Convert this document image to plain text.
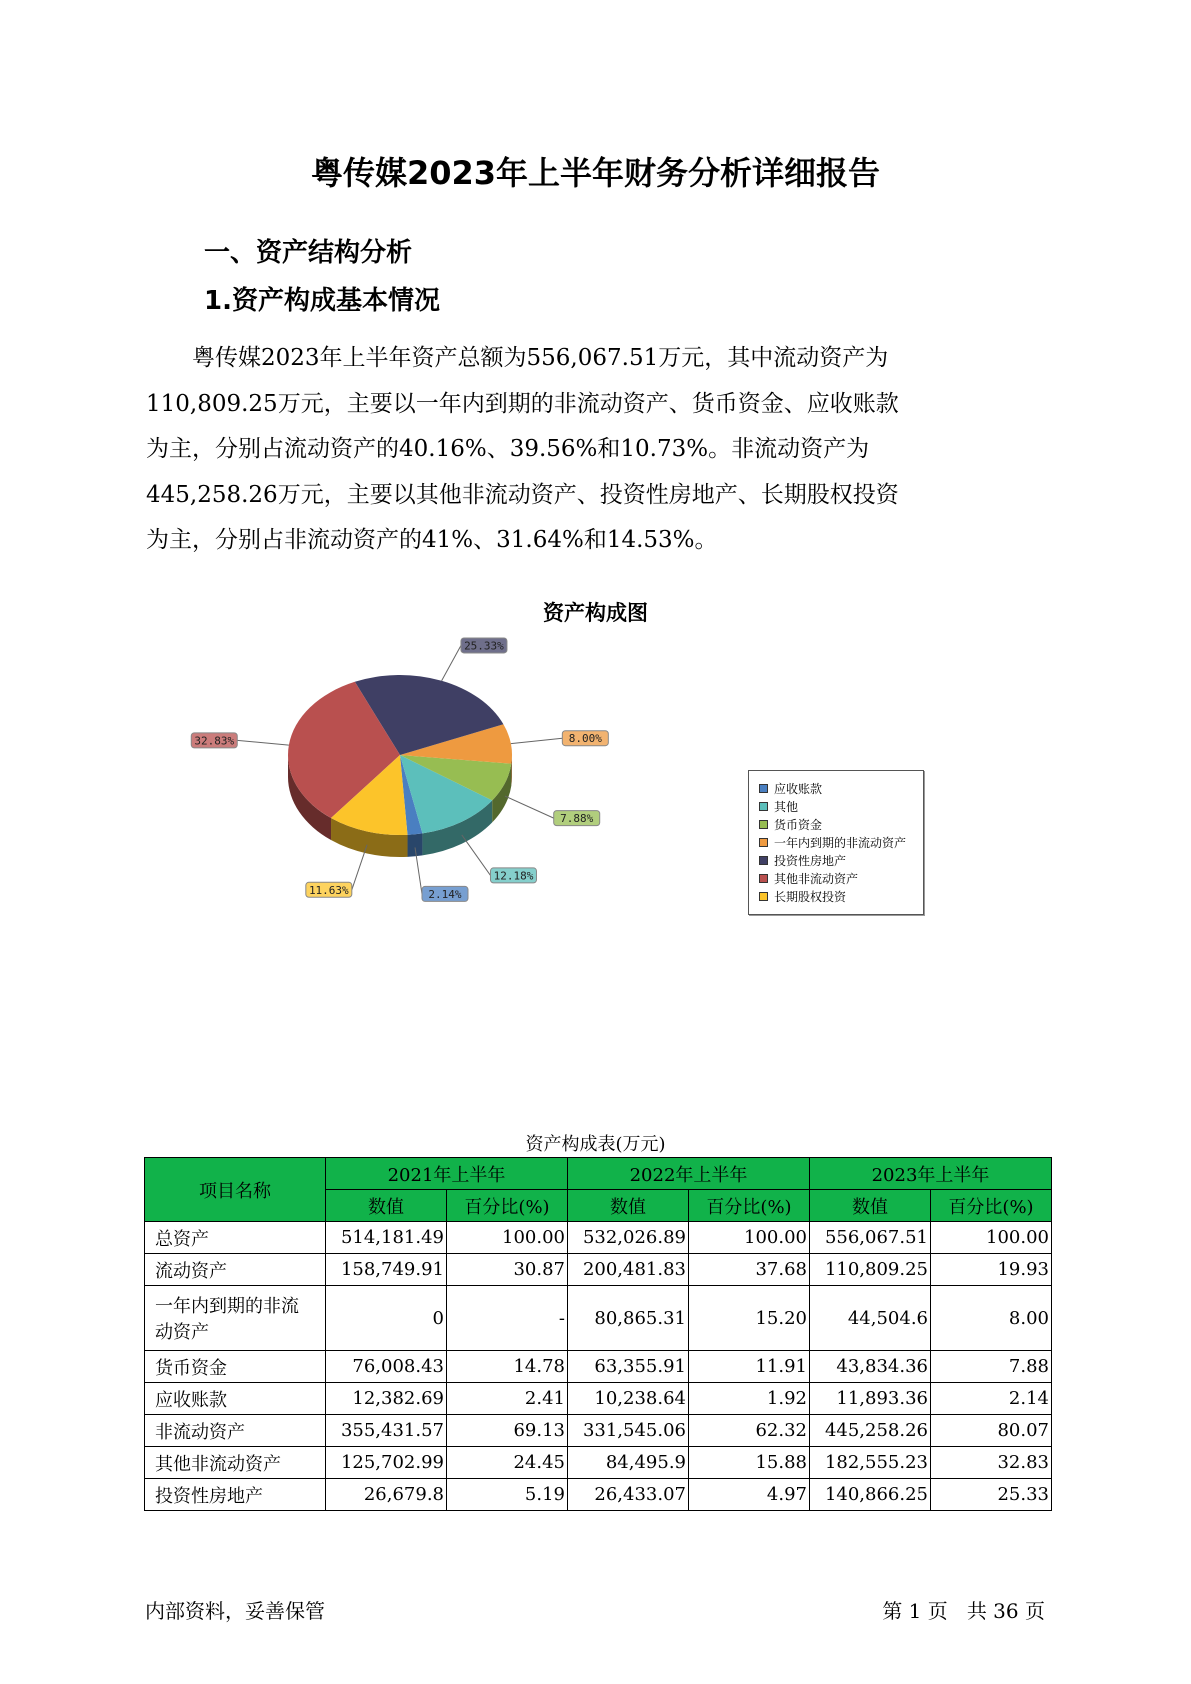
粤传媒2023年上半年财务分析详细报告
一、资产结构分析
1.资产构成基本情况
粤传媒2023年上半年资产总额为556,067.51万元，其中流动资产为
110,809.25万元，主要以一年内到期的非流动资产、货币资金、应收账款
为主，分别占流动资产的40.16%、39.56%和10.73%。非流动资产为
445,258.26万元，主要以其他非流动资产、投资性房地产、长期股权投资
为主，分别占非流动资产的41%、31.64%和14.53%。
资产构成图
2.14%
12.18%
7.88%
8.00%
25.33%
32.83%
11.63%
应收账款
其他
货币资金
一年内到期的非流动资产
投资性房地产
其他非流动资产
长期股权投资
资产构成表(万元)
项目名称	2021年上半年		2022年上半年		2023年上半年	
	数值	百分比(%)	数值	百分比(%)	数值	百分比(%)
总资产	514,181.49	100.00	532,026.89	100.00	556,067.51	100.00
流动资产	158,749.91	30.87	200,481.83	37.68	110,809.25	19.93

一年内到期的非流
动资产	0	-	80,865.31	15.20	44,504.6	8.00
货币资金	76,008.43	14.78	63,355.91	11.91	43,834.36	7.88
应收账款	12,382.69	2.41	10,238.64	1.92	11,893.36	2.14
非流动资产	355,431.57	69.13	331,545.06	62.32	445,258.26	80.07
其他非流动资产	125,702.99	24.45	84,495.9	15.88	182,555.23	32.83
投资性房地产	26,679.8	5.19	26,433.07	4.97	140,866.25	25.33
内部资料，妥善保管	第 1 页   共 36 页
